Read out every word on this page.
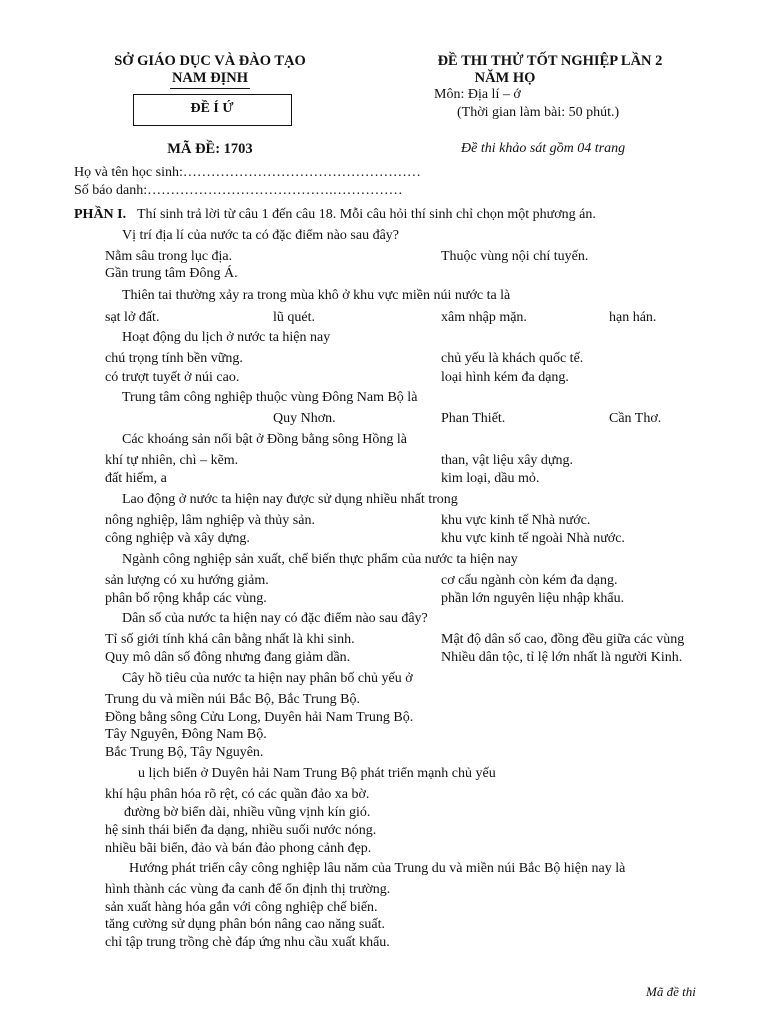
SỞ GIÁO DỤC VÀ ĐÀO TẠO
NAM ĐỊNH
ĐỀ Í Ứ
MÃ ĐỀ: 1703
ĐỀ THI THỬ TỐT NGHIỆP LẦN 2
NĂM HỌ
Môn: Địa lí – ớ
(Thời gian làm bài: 50 phút.)
Đề thi khảo sát gồm 04 trang
Họ và tên học sinh:……………………………………………
Số báo danh:………………………………….……………
PHẦN I. Thí sinh trả lời từ câu 1 đến câu 18. Mỗi câu hỏi thí sinh chỉ chọn một phương án.
Vị trí địa lí của nước ta có đặc điểm nào sau đây?
Nằm sâu trong lục địa.	Thuộc vùng nội chí tuyến.
Gần trung tâm Đông Á.
Thiên tai thường xảy ra trong mùa khô ở khu vực miền núi nước ta là
sạt lở đất.	lũ quét.	xâm nhập mặn.	hạn hán.
Hoạt động du lịch ở nước ta hiện nay
chú trọng tính bền vững.	chủ yếu là khách quốc tế.
có trượt tuyết ở núi cao.	loại hình kém đa dạng.
Trung tâm công nghiệp thuộc vùng Đông Nam Bộ là
Quy Nhơn.	Phan Thiết.	Cần Thơ.
Các khoáng sản nổi bật ở Đồng bằng sông Hồng là
khí tự nhiên, chì – kẽm.	than, vật liệu xây dựng.
đất hiếm, a	kim loại, dầu mỏ.
Lao động ở nước ta hiện nay được sử dụng nhiều nhất trong
nông nghiệp, lâm nghiệp và thủy sản.	khu vực kinh tế Nhà nước.
công nghiệp và xây dựng.	khu vực kinh tế ngoài Nhà nước.
Ngành công nghiệp sản xuất, chế biến thực phẩm của nước ta hiện nay
sản lượng có xu hướng giảm.	cơ cấu ngành còn kém đa dạng.
phân bố rộng khắp các vùng.	phần lớn nguyên liệu nhập khẩu.
Dân số của nước ta hiện nay có đặc điểm nào sau đây?
Tỉ số giới tính khá cân bằng nhất là khi sinh.	Mật độ dân số cao, đồng đều giữa các vùng
Quy mô dân số đông nhưng đang giảm dần.	Nhiều dân tộc, tỉ lệ lớn nhất là người Kinh.
Cây hồ tiêu của nước ta hiện nay phân bố chủ yếu ở
Trung du và miền núi Bắc Bộ, Bắc Trung Bộ.
Đồng bằng sông Cửu Long, Duyên hải Nam Trung Bộ.
Tây Nguyên, Đông Nam Bộ.
Bắc Trung Bộ, Tây Nguyên.
u lịch biển ở Duyên hải Nam Trung Bộ phát triển mạnh chủ yếu
khí hậu phân hóa rõ rệt, có các quần đảo xa bờ.
đường bờ biển dài, nhiều vũng vịnh kín gió.
hệ sinh thái biển đa dạng, nhiều suối nước nóng.
nhiều bãi biển, đảo và bán đảo phong cảnh đẹp.
Hướng phát triển cây công nghiệp lâu năm của Trung du và miền núi Bắc Bộ hiện nay là
hình thành các vùng đa canh để ổn định thị trường.
sản xuất hàng hóa gắn với công nghiệp chế biến.
tăng cường sử dụng phân bón nâng cao năng suất.
chỉ tập trung trồng chè đáp ứng nhu cầu xuất khẩu.
Mã đề thi
